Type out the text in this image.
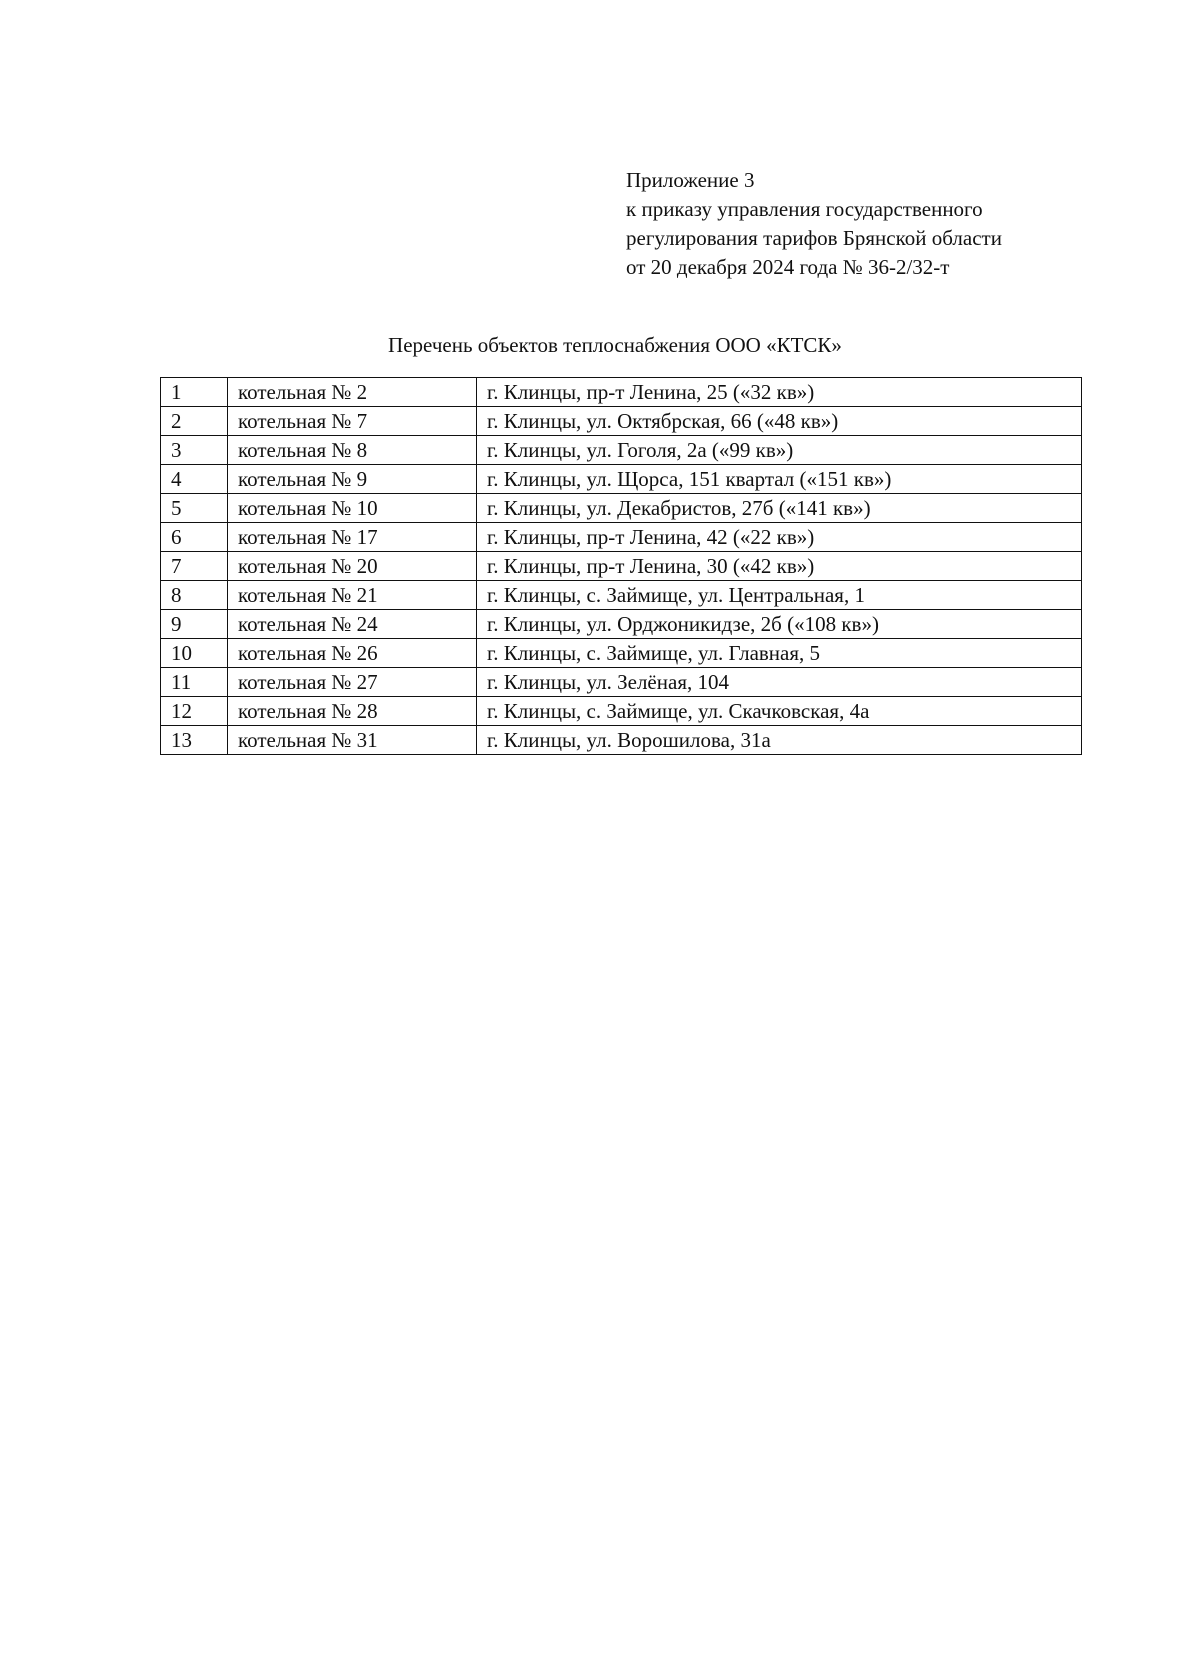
Приложение 3
к приказу управления государственного
регулирования тарифов Брянской области
от 20 декабря 2024 года № 36-2/32-т
Перечень объектов теплоснабжения ООО «КТСК»
1	котельная № 2	г. Клинцы, пр-т Ленина, 25 («32 кв»)
2	котельная № 7	г. Клинцы, ул. Октябрская, 66 («48 кв»)
3	котельная № 8	г. Клинцы, ул. Гоголя, 2а («99 кв»)
4	котельная № 9	г. Клинцы, ул. Щорса, 151 квартал («151 кв»)
5	котельная № 10	г. Клинцы, ул. Декабристов, 27б («141 кв»)
6	котельная № 17	г. Клинцы, пр-т Ленина, 42 («22 кв»)
7	котельная № 20	г. Клинцы, пр-т Ленина, 30 («42 кв»)
8	котельная № 21	г. Клинцы, с. Займище, ул. Центральная, 1
9	котельная № 24	г. Клинцы, ул. Орджоникидзе, 2б («108 кв»)
10	котельная № 26	г. Клинцы, с. Займище, ул. Главная, 5
11	котельная № 27	г. Клинцы, ул. Зелёная, 104
12	котельная № 28	г. Клинцы, с. Займище, ул. Скачковская, 4а
13	котельная № 31	г. Клинцы, ул. Ворошилова, 31а
